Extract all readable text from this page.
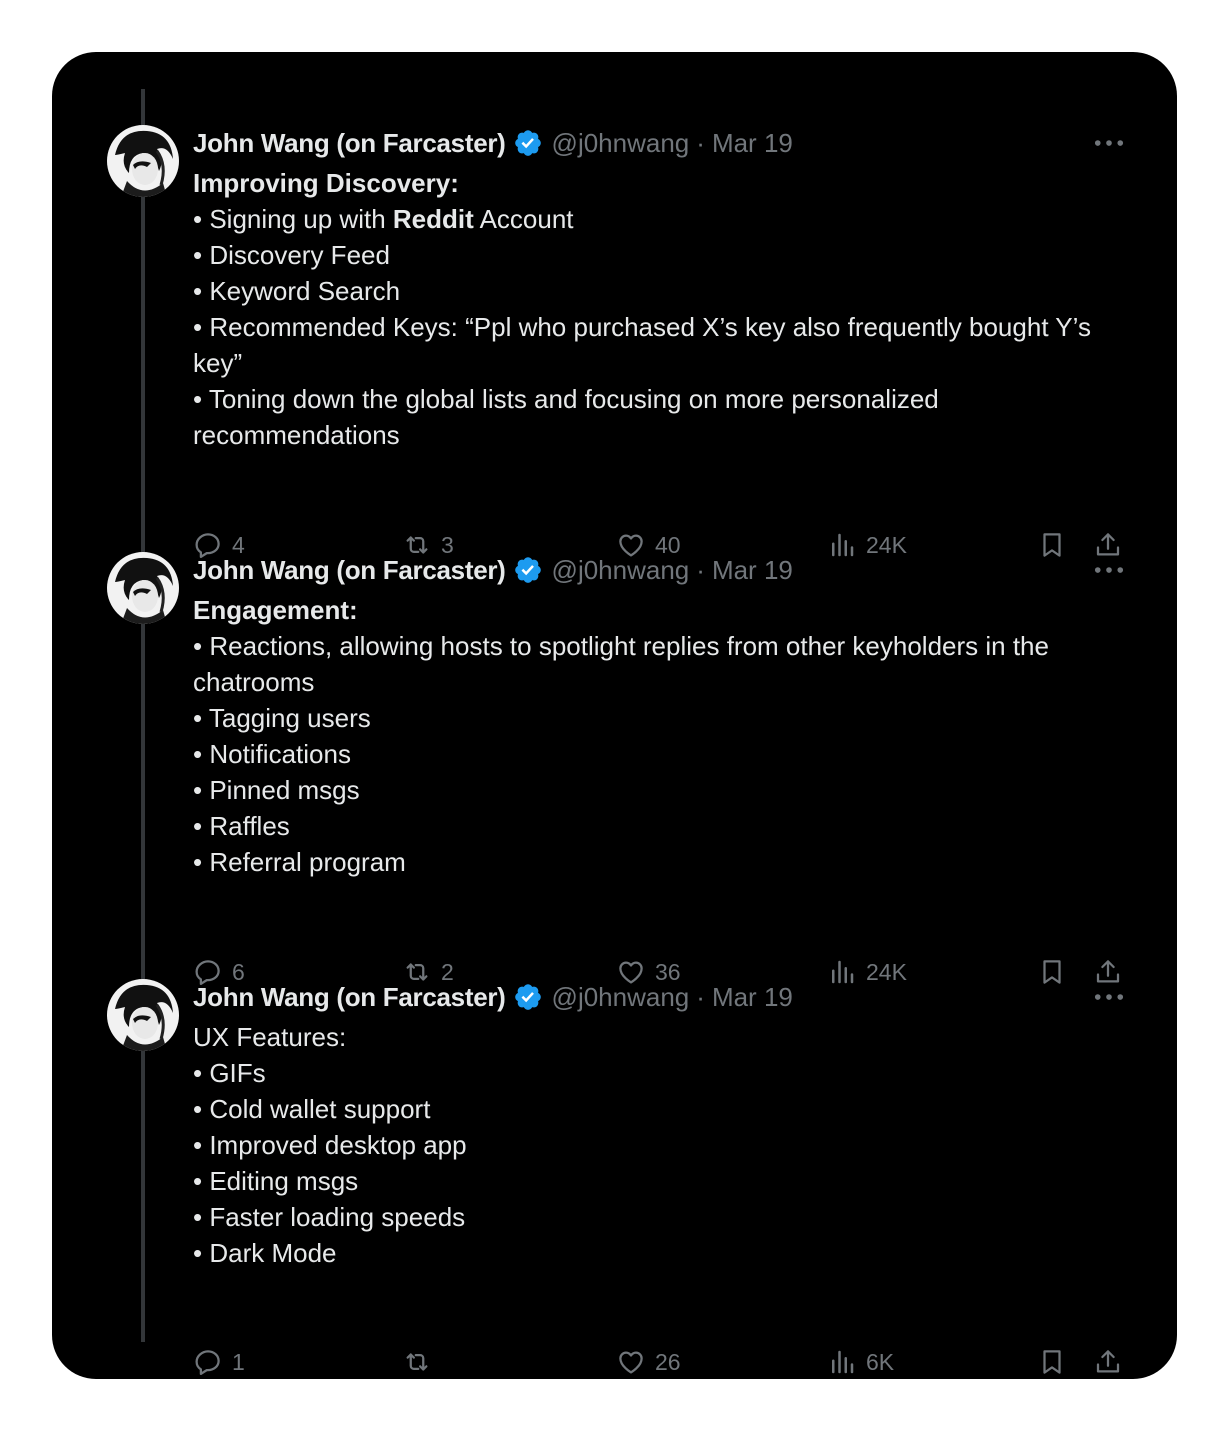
John Wang (on Farcaster) @j0hnwang · Mar 19
Improving Discovery:
• Signing up with Reddit Account
• Discovery Feed
• Keyword Search
• Recommended Keys: “Ppl who purchased X’s key also frequently bought Y’s key”
• Toning down the global lists and focusing on more personalized recommendations
4	3	40	24K
John Wang (on Farcaster) @j0hnwang · Mar 19
Engagement:
• Reactions, allowing hosts to spotlight replies from other keyholders in the chatrooms
• Tagging users
• Notifications
• Pinned msgs
• Raffles
• Referral program
6	2	36	24K
John Wang (on Farcaster) @j0hnwang · Mar 19
UX Features:
• GIFs
• Cold wallet support
• Improved desktop app
• Editing msgs
• Faster loading speeds
• Dark Mode
1	26	6K
